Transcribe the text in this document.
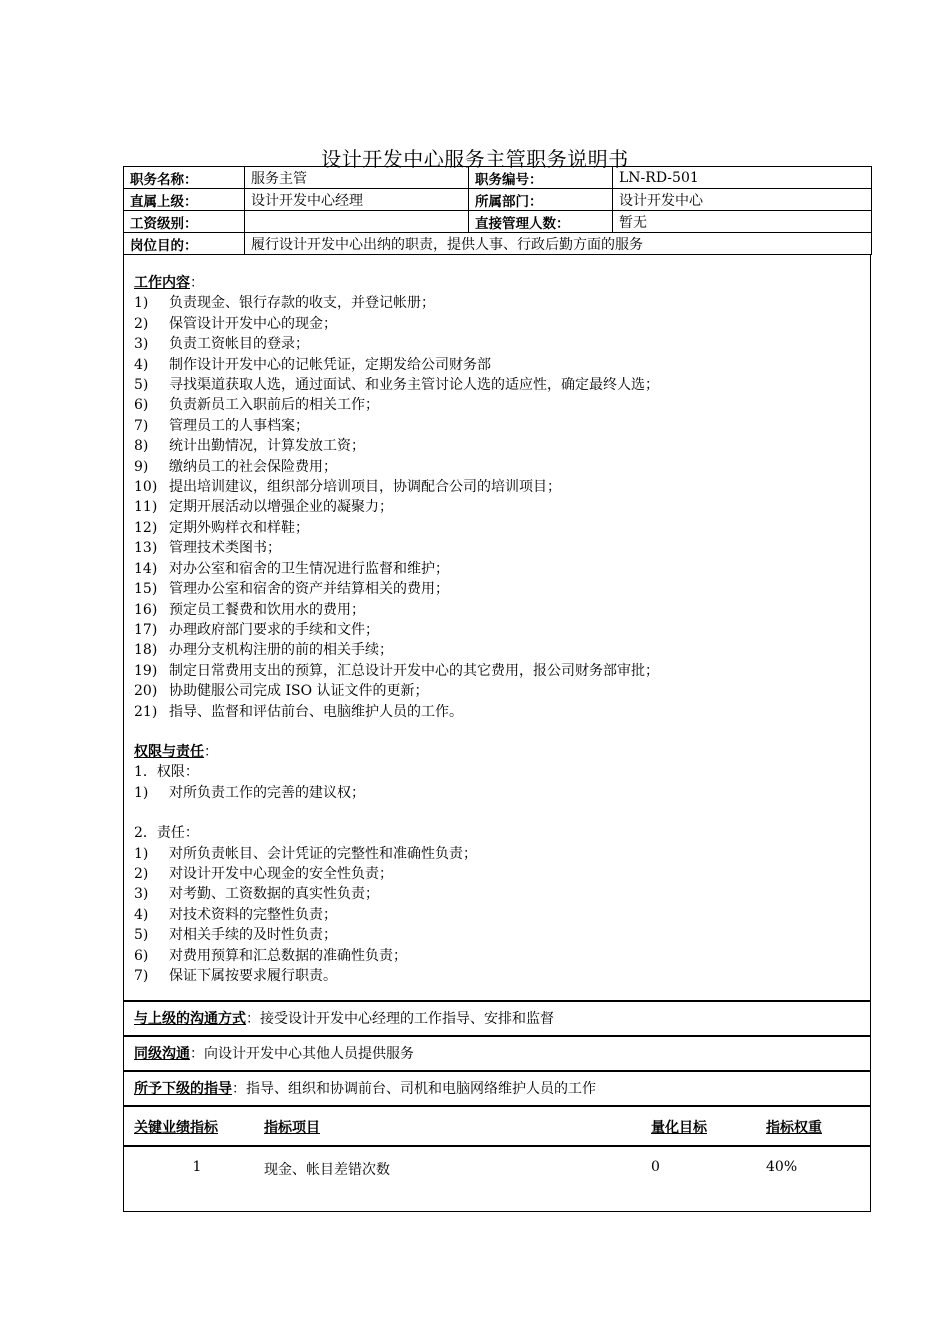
设计开发中心服务主管职务说明书
职务名称：	服务主管	职务编号：	LN-RD-501
直属上级：	设计开发中心经理	所属部门：	设计开发中心
工资级别：		直接管理人数：	暂无
岗位目的：	履行设计开发中心出纳的职责，提供人事、行政后勤方面的服务		
工作内容：
1)	负责现金、银行存款的收支，并登记帐册；
2)	保管设计开发中心的现金；
3)	负责工资帐目的登录；
4)	制作设计开发中心的记帐凭证，定期发给公司财务部
5)	寻找渠道获取人选，通过面试、和业务主管讨论人选的适应性，确定最终人选；
6)	负责新员工入职前后的相关工作；
7)	管理员工的人事档案；
8)	统计出勤情况，计算发放工资；
9)	缴纳员工的社会保险费用；
10) 提出培训建议，组织部分培训项目，协调配合公司的培训项目；
11) 定期开展活动以增强企业的凝聚力；
12) 定期外购样衣和样鞋；
13) 管理技术类图书；
14) 对办公室和宿舍的卫生情况进行监督和维护；
15) 管理办公室和宿舍的资产并结算相关的费用；
16) 预定员工餐费和饮用水的费用；
17) 办理政府部门要求的手续和文件；
18) 办理分支机构注册的前的相关手续；
19) 制定日常费用支出的预算，汇总设计开发中心的其它费用，报公司财务部审批；
20) 协助健服公司完成 ISO 认证文件的更新；
21) 指导、监督和评估前台、电脑维护人员的工作。
权限与责任：
1．权限：
1)	对所负责工作的完善的建议权；
2．责任：
1)	对所负责帐目、会计凭证的完整性和准确性负责；
2)	对设计开发中心现金的安全性负责；
3)	对考勤、工资数据的真实性负责；
4)	对技术资料的完整性负责；
5)	对相关手续的及时性负责；
6)	对费用预算和汇总数据的准确性负责；
7)	保证下属按要求履行职责。
与上级的沟通方式：接受设计开发中心经理的工作指导、安排和监督
同级沟通：向设计开发中心其他人员提供服务
所予下级的指导：指导、组织和协调前台、司机和电脑网络维护人员的工作
关键业绩指标	指标项目	量化目标	指标权重
1	现金、帐目差错次数	0	40%
